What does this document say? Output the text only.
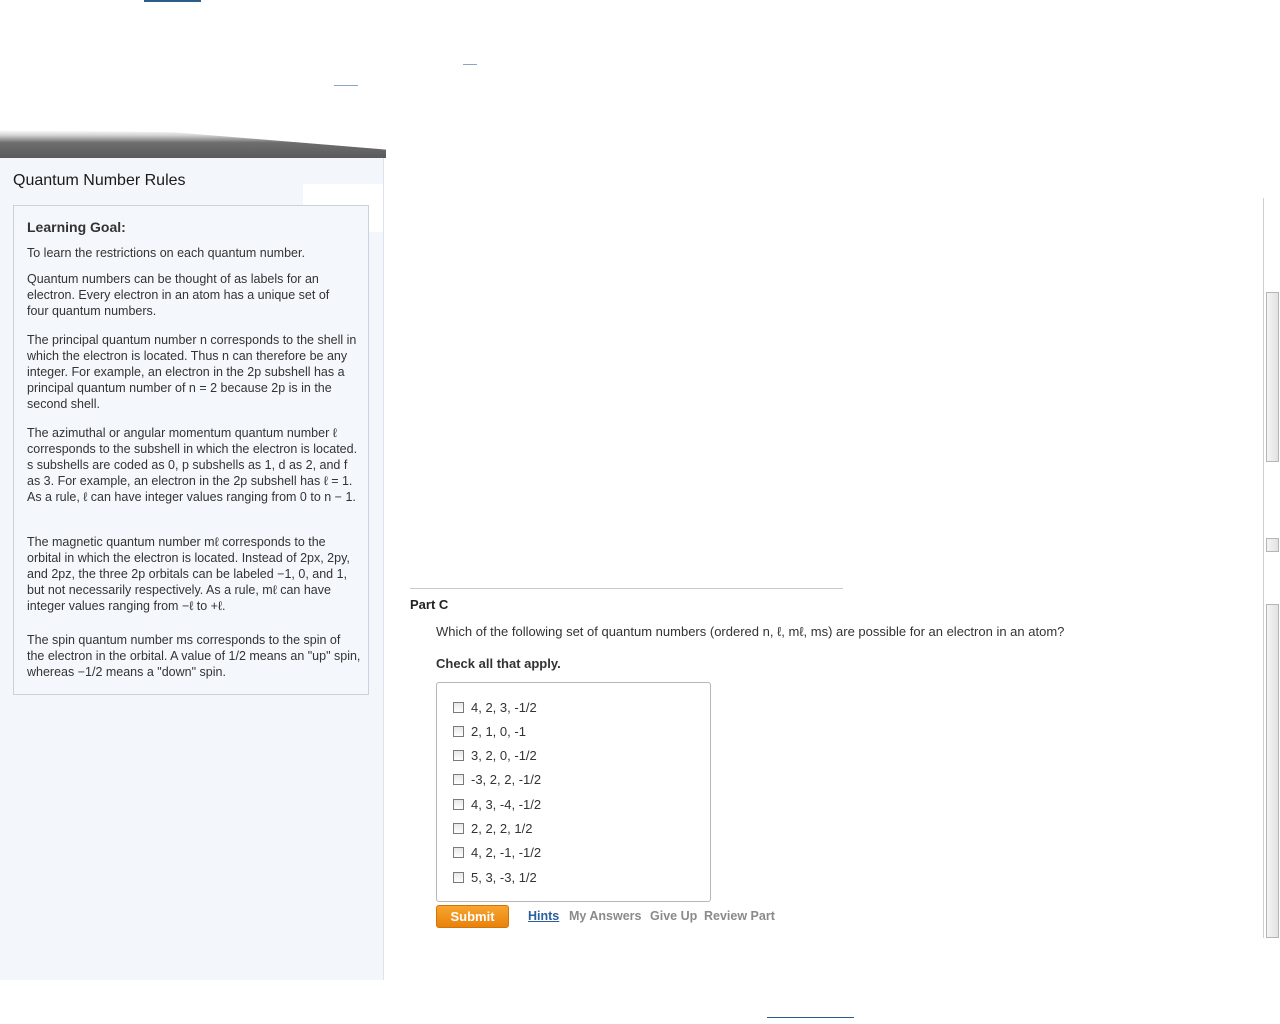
Quantum Number Rules
Learning Goal:

To learn the restrictions on each quantum number.

Quantum numbers can be thought of as labels for an electron. Every electron in an atom has a unique set of four quantum numbers.

The principal quantum number n corresponds to the shell in which the electron is located. Thus n can therefore be any integer. For example, an electron in the 2p subshell has a principal quantum number of n = 2 because 2p is in the second shell.

The azimuthal or angular momentum quantum number ℓ corresponds to the subshell in which the electron is located. s subshells are coded as 0, p subshells as 1, d as 2, and f as 3. For example, an electron in the 2p subshell has ℓ = 1. As a rule, ℓ can have integer values ranging from 0 to n − 1.

The magnetic quantum number mℓ corresponds to the orbital in which the electron is located. Instead of 2px, 2py, and 2pz, the three 2p orbitals can be labeled −1, 0, and 1, but not necessarily respectively. As a rule, mℓ can have integer values ranging from −ℓ to +ℓ.

The spin quantum number ms corresponds to the spin of the electron in the orbital. A value of 1/2 means an "up" spin, whereas −1/2 means a "down" spin.

Part C
Which of the following set of quantum numbers (ordered n, ℓ, mℓ, ms) are possible for an electron in an atom?
Check all that apply.
4, 2, 3, -1/2
2, 1, 0, -1
3, 2, 0, -1/2
-3, 2, 2, -1/2
4, 3, -4, -1/2
2, 2, 2, 1/2
4, 2, -1, -1/2
5, 3, -3, 1/2
Submit	Hints My Answers Give Up Review Part
